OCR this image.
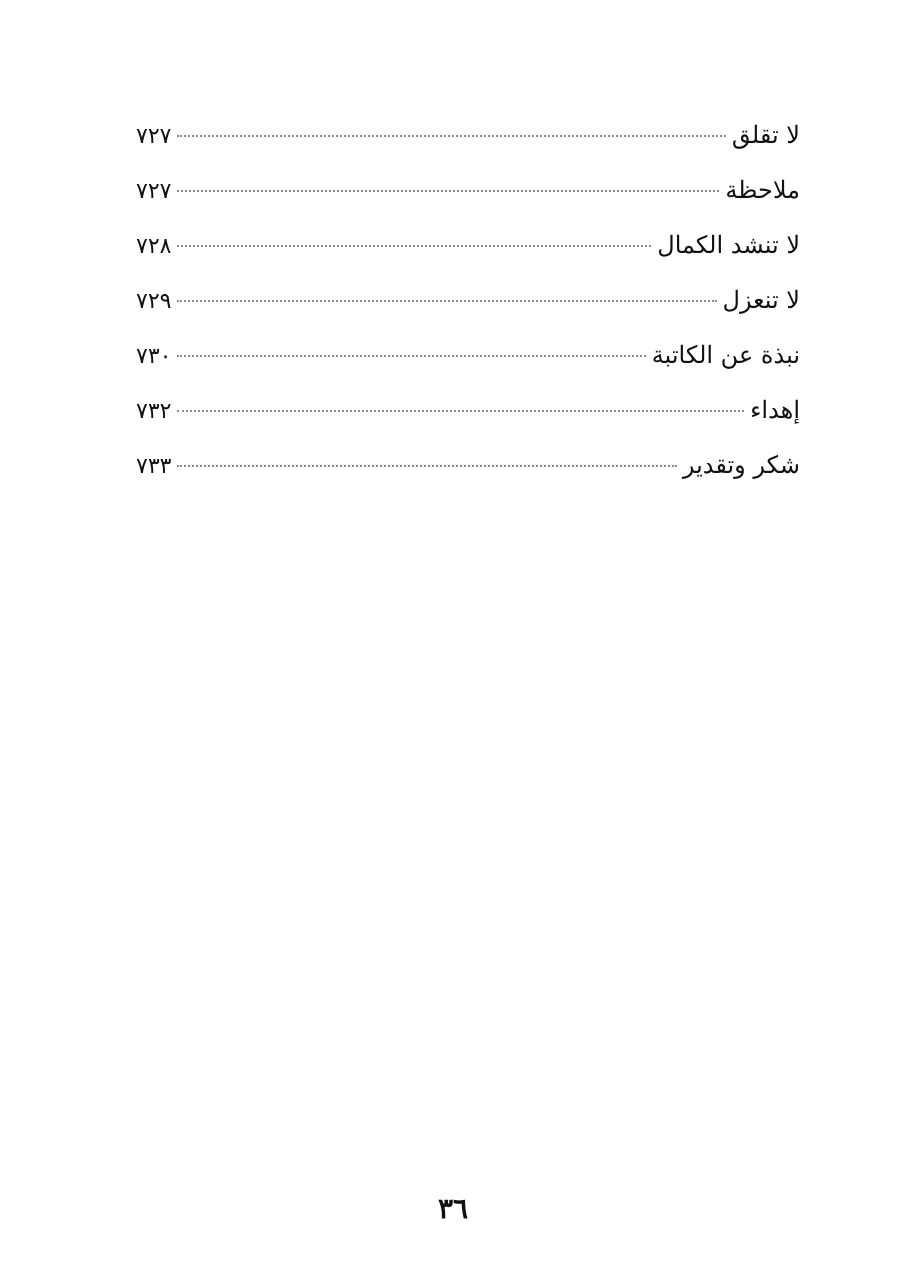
لا تقلق
٧٢٧
ملاحظة
٧٢٧
لا تنشد الكمال
٧٢٨
لا تنعزل
٧٢٩
نبذة عن الكاتبة
٧٣٠
إهداء
٧٣٢
شكر وتقدير
٧٣٣
٣٦
